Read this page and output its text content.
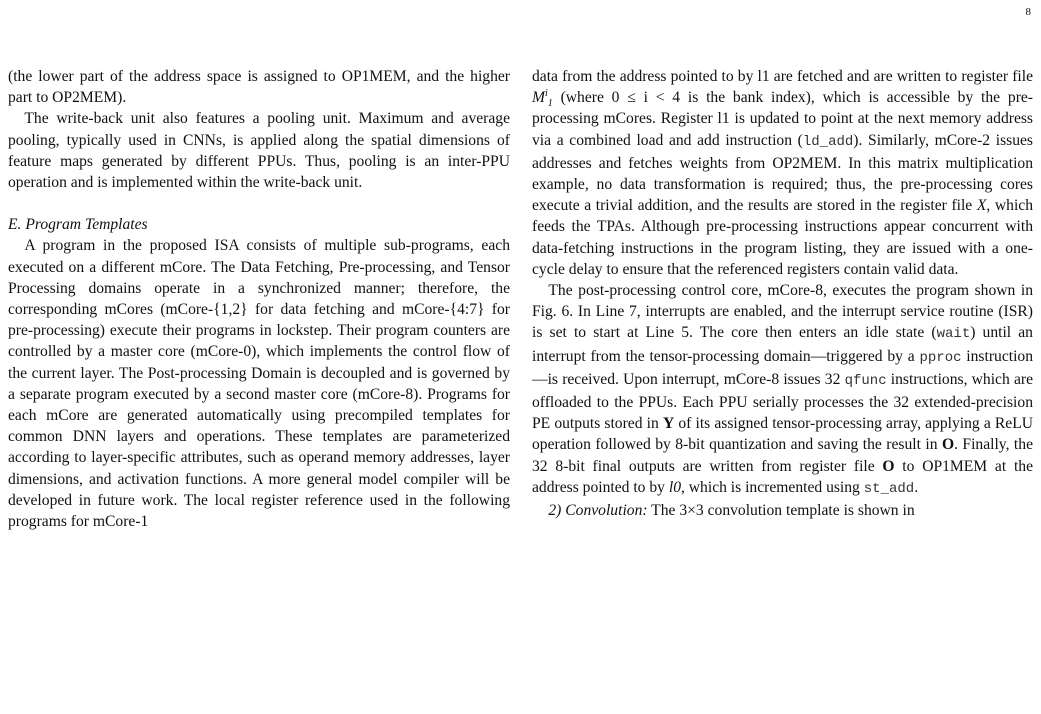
8

(the lower part of the address space is assigned to OP1MEM, and the higher part to OP2MEM).

The write-back unit also features a pooling unit. Maximum and average pooling, typically used in CNNs, is applied along the spatial dimensions of feature maps generated by different PPUs. Thus, pooling is an inter-PPU operation and is implemented within the write-back unit.

E. Program Templates

A program in the proposed ISA consists of multiple sub-programs, each executed on a different mCore. The Data Fetching, Pre-processing, and Tensor Processing domains operate in a synchronized manner; therefore, the corresponding mCores (mCore-{1,2} for data fetching and mCore-{4:7} for pre-processing) execute their programs in lockstep. Their program counters are controlled by a master core (mCore-0), which implements the control flow of the current layer. The Post-processing Domain is decoupled and is governed by a separate program executed by a second master core (mCore-8). Programs for each mCore are generated automatically using precompiled templates for common DNN layers and operations. These templates are parameterized according to layer-specific attributes, such as operand memory addresses, layer dimensions, and activation functions. A more general model compiler will be developed in future work. The local register reference used in the following programs for mCore-1

data from the address pointed to by l1 are fetched and are written to register file $M^i_1$ (where 0 ≤ i < 4 is the bank index), which is accessible by the pre-processing mCores. Register l1 is updated to point at the next memory address via a combined load and add instruction (ld_add). Similarly, mCore-2 issues addresses and fetches weights from OP2MEM. In this matrix multiplication example, no data transformation is required; thus, the pre-processing cores execute a trivial addition, and the results are stored in the register file X, which feeds the TPAs. Although pre-processing instructions appear concurrent with data-fetching instructions in the program listing, they are issued with a one-cycle delay to ensure that the referenced registers contain valid data.

The post-processing control core, mCore-8, executes the program shown in Fig. 6. In Line 7, interrupts are enabled, and the interrupt service routine (ISR) is set to start at Line 5. The core then enters an idle state (wait) until an interrupt from the tensor-processing domain—triggered by a pproc instruction—is received. Upon interrupt, mCore-8 issues 32 qfunc instructions, which are offloaded to the PPUs. Each PPU serially processes the 32 extended-precision PE outputs stored in Y of its assigned tensor-processing array, applying a ReLU operation followed by 8-bit quantization and saving the result in O. Finally, the 32 8-bit final outputs are written from register file O to OP1MEM at the address pointed to by l0, which is incremented using st_add.

2) Convolution: The 3×3 convolution template is shown in
